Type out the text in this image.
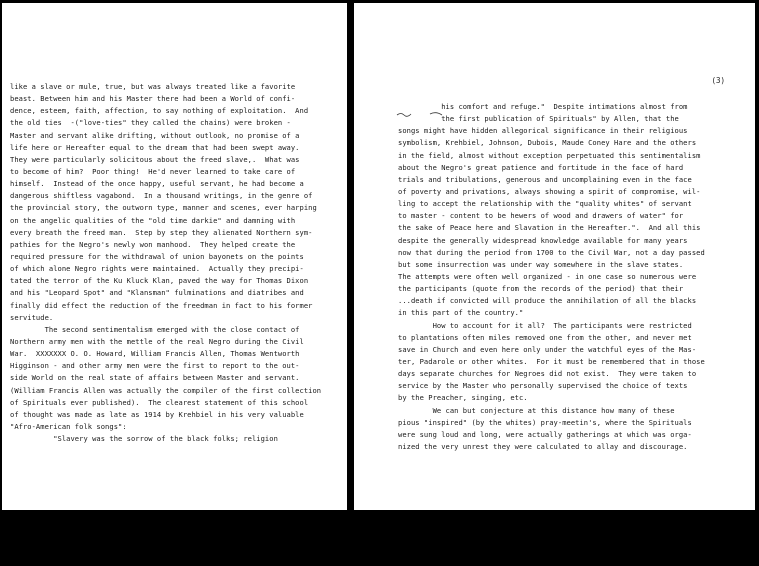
like a slave or mule, true, but was always treated like a favorite
beast. Between him and his Master there had been a World of confi-
dence, esteem, faith, affection, to say nothing of exploitation.  And
the old ties  -("love-ties" they called the chains) were broken -
Master and servant alike drifting, without outlook, no promise of a
life here or Hereafter equal to the dream that had been swept away.
They were particularly solicitous about the freed slave,.  What was
to become of him?  Poor thing!  He'd never learned to take care of
himself.  Instead of the once happy, useful servant, he had become a
dangerous shiftless vagabond.  In a thousand writings, in the genre of
the provincial story, the outworn type, manner and scenes, ever harping
on the angelic qualities of the "old time darkie" and damning with
every breath the freed man.  Step by step they alienated Northern sym-
pathies for the Negro's newly won manhood.  They helped create the
required pressure for the withdrawal of union bayonets on the points
of which alone Negro rights were maintained.  Actually they precipi-
tated the terror of the Ku Kluck Klan, paved the way for Thomas Dixon
and his "Leopard Spot" and "Klansman" fulminations and diatribes and
finally did effect the reduction of the freedman in fact to his former
servitude.
The second sentimentalism emerged with the close contact of
Northern army men with the mettle of the real Negro during the Civil
War.  XXXXXXX O. O. Howard, William Francis Allen, Thomas Wentworth
Higginson - and other army men were the first to report to the out-
side World on the real state of affairs between Master and servant.
(William Francis Allen was actually the compiler of the first collection
of Spirituals ever published).  The clearest statement of this school
of thought was made as late as 1914 by Krehbiel in his very valuable
"Afro-American folk songs":
"Slavery was the sorrow of the black folks; religion
(3)
his comfort and refuge."  Despite intimations almost from
the first publication of Spirituals" by Allen, that the
songs might have hidden allegorical significance in their religious
symbolism, Krehbiel, Johnson, Dubois, Maude Coney Hare and the others
in the field, almost without exception perpetuated this sentimentalism
about the Negro's great patience and fortitude in the face of hard
trials and tribulations, generous and uncomplaining even in the face
of poverty and privations, always showing a spirit of compromise, wil-
ling to accept the relationship with the "quality whites" of servant
to master - content to be hewers of wood and drawers of water" for
the sake of Peace here and Slavation in the Hereafter.".  And all this
despite the generally widespread knowledge available for many years
now that during the period from 1700 to the Civil War, not a day passed
but some insurrection was under way somewhere in the slave states.
The attempts were often well organized - in one case so numerous were
the participants (quote from the records of the period) that their
...death if convicted will produce the annihilation of all the blacks
in this part of the country."
How to account for it all?  The participants were restricted
to plantations often miles removed one from the other, and never met
save in Church and even here only under the watchful eyes of the Mas-
ter, Padarole or other whites.  For it must be remembered that in those
days separate churches for Negroes did not exist.  They were taken to
service by the Master who personally supervised the choice of texts
by the Preacher, singing, etc.
We can but conjecture at this distance how many of these
pious "inspired" (by the whites) pray-meetin's, where the Spirituals
were sung loud and long, were actually gatherings at which was orga-
nized the very unrest they were calculated to allay and discourage.
